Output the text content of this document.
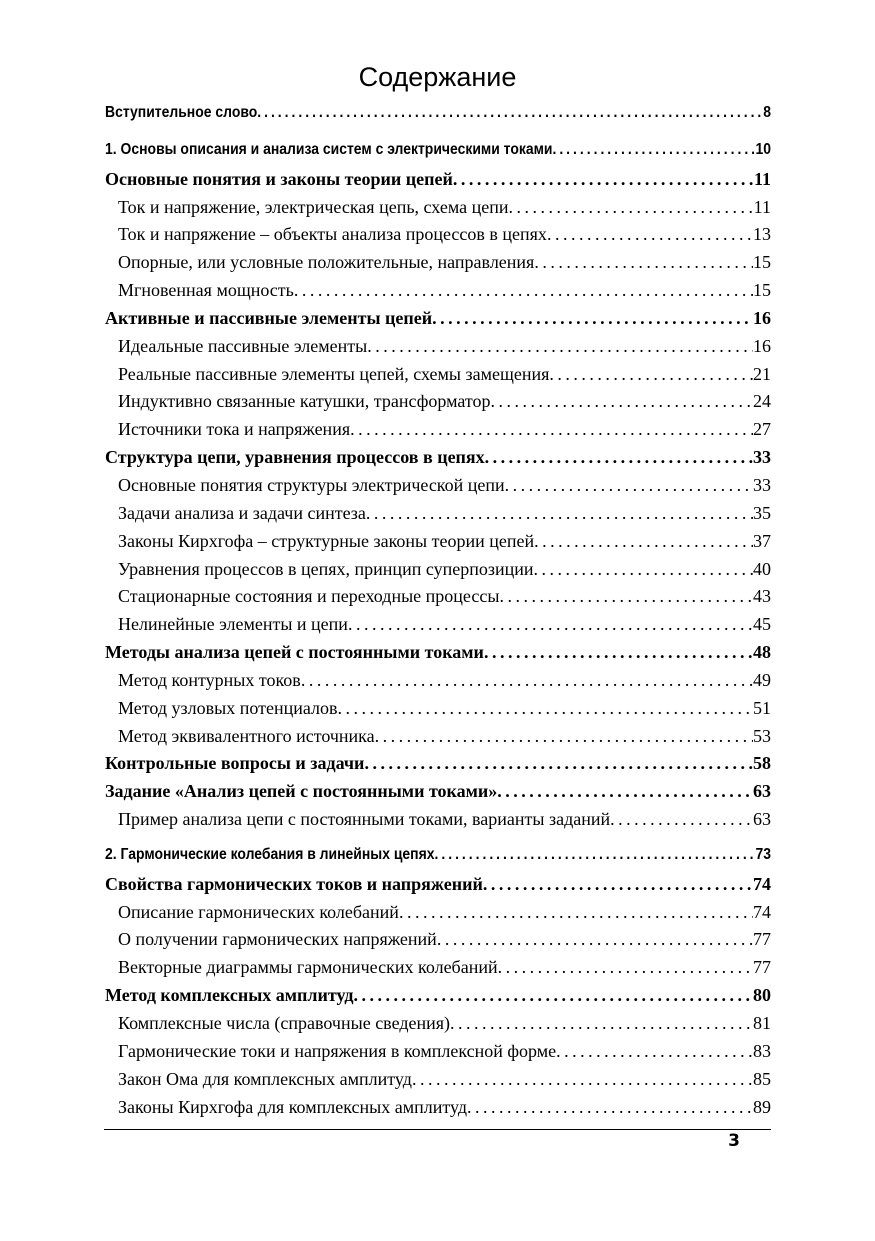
Содержание
Вступительное слово . . .	8
1. Основы описания и анализа систем с электрическими токами . . .	10
Основные понятия и законы теории цепей . . .	11
Ток и напряжение, электрическая цепь, схема цепи . . .	11
Ток и напряжение – объекты анализа процессов в цепях . . .	13
Опорные, или условные положительные, направления . . .	15
Мгновенная мощность . . .	15
Активные и пассивные элементы цепей . . .	16
Идеальные пассивные элементы . . .	16
Реальные пассивные элементы цепей, схемы замещения . . .	21
Индуктивно связанные катушки, трансформатор . . .	24
Источники тока и напряжения . . .	27
Структура цепи, уравнения процессов в цепях . . .	33
Основные понятия структуры электрической цепи . . .	33
Задачи анализа и задачи синтеза . . .	35
Законы Кирхгофа – структурные законы теории цепей . . .	37
Уравнения процессов в цепях, принцип суперпозиции . . .	40
Стационарные состояния и переходные процессы . . .	43
Нелинейные элементы и цепи . . .	45
Методы анализа цепей с постоянными токами . . .	48
Метод контурных токов . . .	49
Метод узловых потенциалов . . .	51
Метод эквивалентного источника . . .	53
Контрольные вопросы и задачи . . .	58
Задание «Анализ цепей с постоянными токами» . . .	63
Пример анализа цепи с постоянными токами, варианты заданий . . .	63
2. Гармонические колебания в линейных цепях . . .	73
Свойства гармонических токов и напряжений . . .	74
Описание гармонических колебаний . . .	74
О получении гармонических напряжений . . .	77
Векторные диаграммы гармонических колебаний . . .	77
Метод комплексных амплитуд . . .	80
Комплексные числа (справочные сведения) . . .	81
Гармонические токи и напряжения в комплексной форме . . .	83
Закон Ома для комплексных амплитуд . . .	85
Законы Кирхгофа для комплексных амплитуд . . .	89
3
